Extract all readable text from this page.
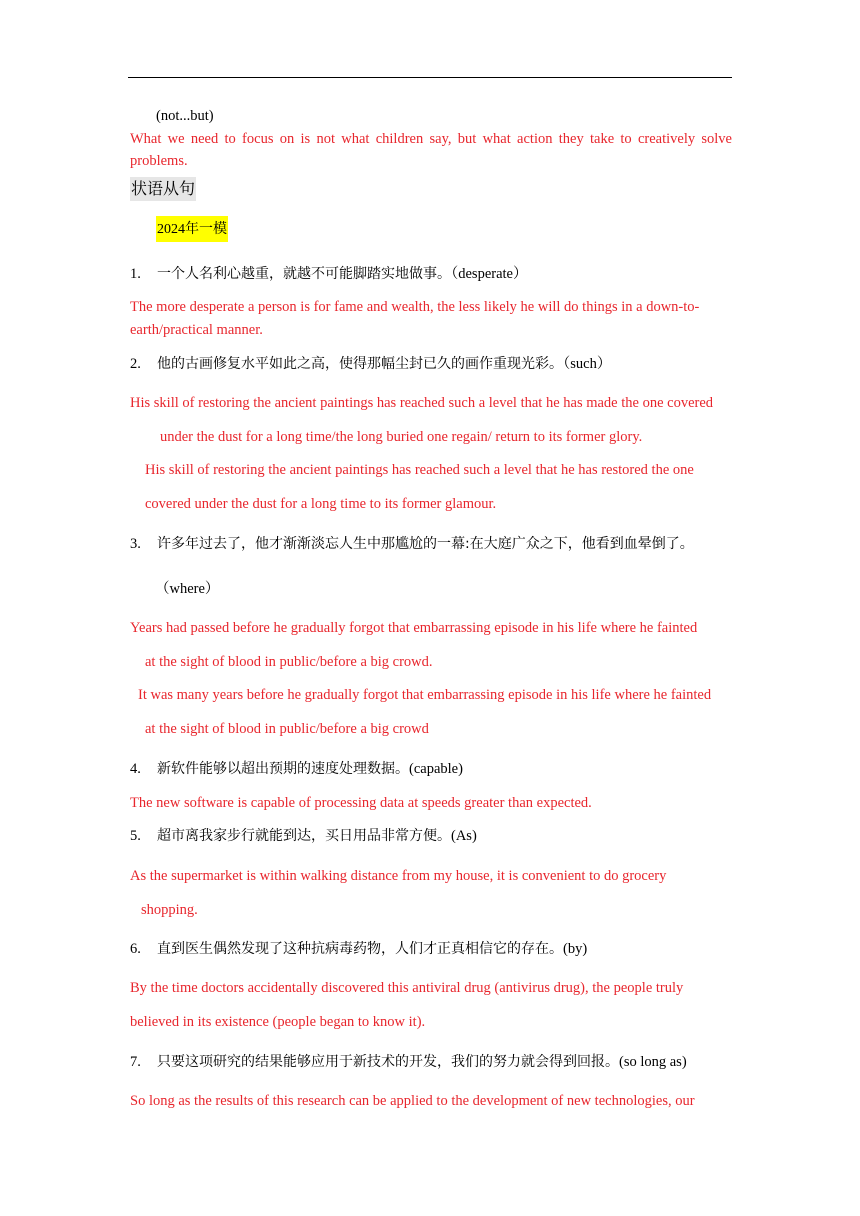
(not...but)
What we need to focus on is not what children say, but what action they take to creatively solve problems.
状语从句
2024年一模
1. 一个人名利心越重，就越不可能脚踏实地做事。（desperate）
The more desperate a person is for fame and wealth, the less likely he will do things in a down-to-
earth/practical manner.
2. 他的古画修复水平如此之高，使得那幅尘封已久的画作重现光彩。（such）
His skill of restoring the ancient paintings has reached such a level that he has made the one covered
under the dust for a long time/the long buried one regain/ return to its former glory.
His skill of restoring the ancient paintings has reached such a level that he has restored the one
covered under the dust for a long time to its former glamour.
3. 许多年过去了，他才渐渐淡忘人生中那尴尬的一幕:在大庭广众之下，他看到血晕倒了。
（where）
Years had passed before he gradually forgot that embarrassing episode in his life where he fainted
at the sight of blood in public/before a big crowd.
It was many years before he gradually forgot that embarrassing episode in his life where he fainted
at the sight of blood in public/before a big crowd
4. 新软件能够以超出预期的速度处理数据。(capable)
The new software is capable of processing data at speeds greater than expected.
5. 超市离我家步行就能到达，买日用品非常方便。(As)
As the supermarket is within walking distance from my house, it is convenient to do grocery
shopping.
6. 直到医生偶然发现了这种抗病毒药物，人们才正真相信它的存在。(by)
By the time doctors accidentally discovered this antiviral drug (antivirus drug), the people truly
believed in its existence (people began to know it).
7. 只要这项研究的结果能够应用于新技术的开发，我们的努力就会得到回报。(so long as)
So long as the results of this research can be applied to the development of new technologies, our
